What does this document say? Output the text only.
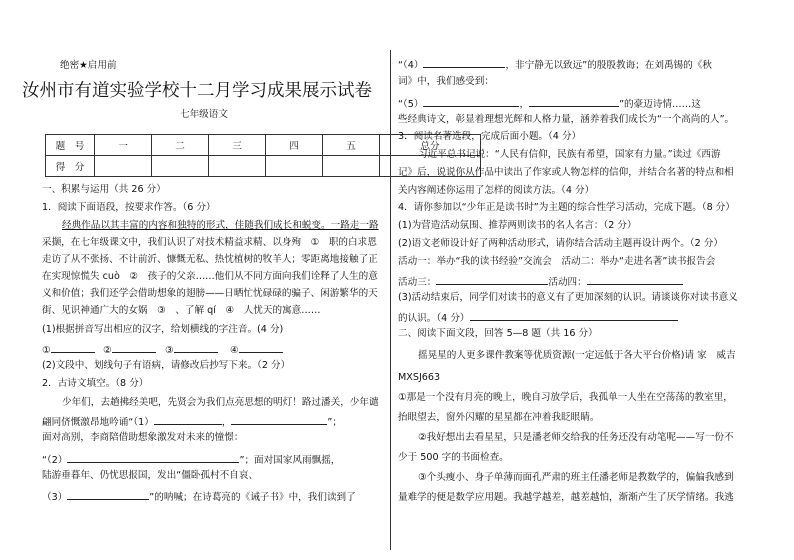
绝密★启用前
汝州市有道实验学校十二月学习成果展示试卷
七年级语文
题　号	一	二	三	四	五	总分
得　分						
一、积累与运用（共 26 分）
1．阅读下面语段，按要求作答。（6 分）
经典作品以其丰富的内容和独特的形式，佳随我们成长和蜕变。一路走一路
采撷，在七年级课文中，我们认识了对技术精益求精、以身殉　①　职的白求恩
走访了从不张扬、不计前沂、慷慨无私、热忱植树的牧羊人；零距离地接触了正
在实现惊慌失 cuò　②　孩子的父亲……他们从不同方面向我们诠释了人生的意
义和价值；我们还学会借助想象的翅膀——日晒忙忧碌碌的骗子、闲游繁华的天
街、见识神通广大的女娲　③　、了解 qí　④　人忧天的寓意……
(1)根据拼音写出相应的汉字，给划横线的字注音。(4 分)
①	②	③	④
(2)文段中、划线句子有语病，请修改后抄写下来。（2 分）
2．古诗文填空。（8 分）
少年们，去趟拂经美吧，先贤会为我们点亮思想的明灯！路过潘关，少年谴
翩同侪慨激昂地吟诵“（1）	，	”；
面对高别，李商陪借助想象激发对未来的憧憬：
“（2）	”；面对国家风雨飘摇，
陆游垂暮年、仍忧思报国，发出“僵卧孤村不自哀、
（3）	”的呐喊；在诗葛亮的《诫子书》中，我们读到了
“（4）	，非宁静无以致远”的殷殷教诲；在刘禹锡的《秋
词》中，我们感受到：
“（5）	，	”的豪迈诗情……这
些经典诗文，彰显着理想光辉和人格力量，涵养着我们成长为“一个高尚的人”。
3．阅读名著选段，完成后面小题。（4 分）
习近平总书记说：“人民有信仰，民族有希望，国家有力量。”读过《西游
记》后，说说你从作品中读出了作家或人物怎样的信仰，并结合名著的特点和相
关内容阐述你运用了怎样的阅读方法。（4 分）
4．请你参加以“少年正是读书时”为主题的综合性学习活动，完成下题。（8 分）
(1)为营造活动氛围、推荐两则读书的名人名言：（2 分）
(2)语文老师设计好了两种活动形式，请你结合活动主题再设计两个。（2 分）
活动一：举办“我的读书经验”交流会　活动二：举办“走进名著”读书报告会
活动三：	活动四：
(3)活动结束后，同学们对读书的意义有了更加深刻的认识。请谈谈你对读书意义
的认识。（4 分）
二、阅读下面文段，回答 5—8 题（共 16 分）
摇晃星的人更多课件教案等优质资源(一定远低于各大平台价格)请 家　威吉
MXSJ663
①那是一个没有月亮的晚上，晚自习放学后，我孤单一人坐在空荡荡的教室里，
抬眼望去，窗外闪耀的星星都在冲着我眨眼睛。
②我好想出去看星星，只是潘老师交给我的任务还没有动笔呢——写一份不
少于 500 字的书面检查。
③个头瘦小、身子单薄而面孔严肃的班主任潘老师是教数学的，偏偏我感到
量难学的便是数学应用题。我越学越差，越差越怕，渐渐产生了厌学情绪。我逃
